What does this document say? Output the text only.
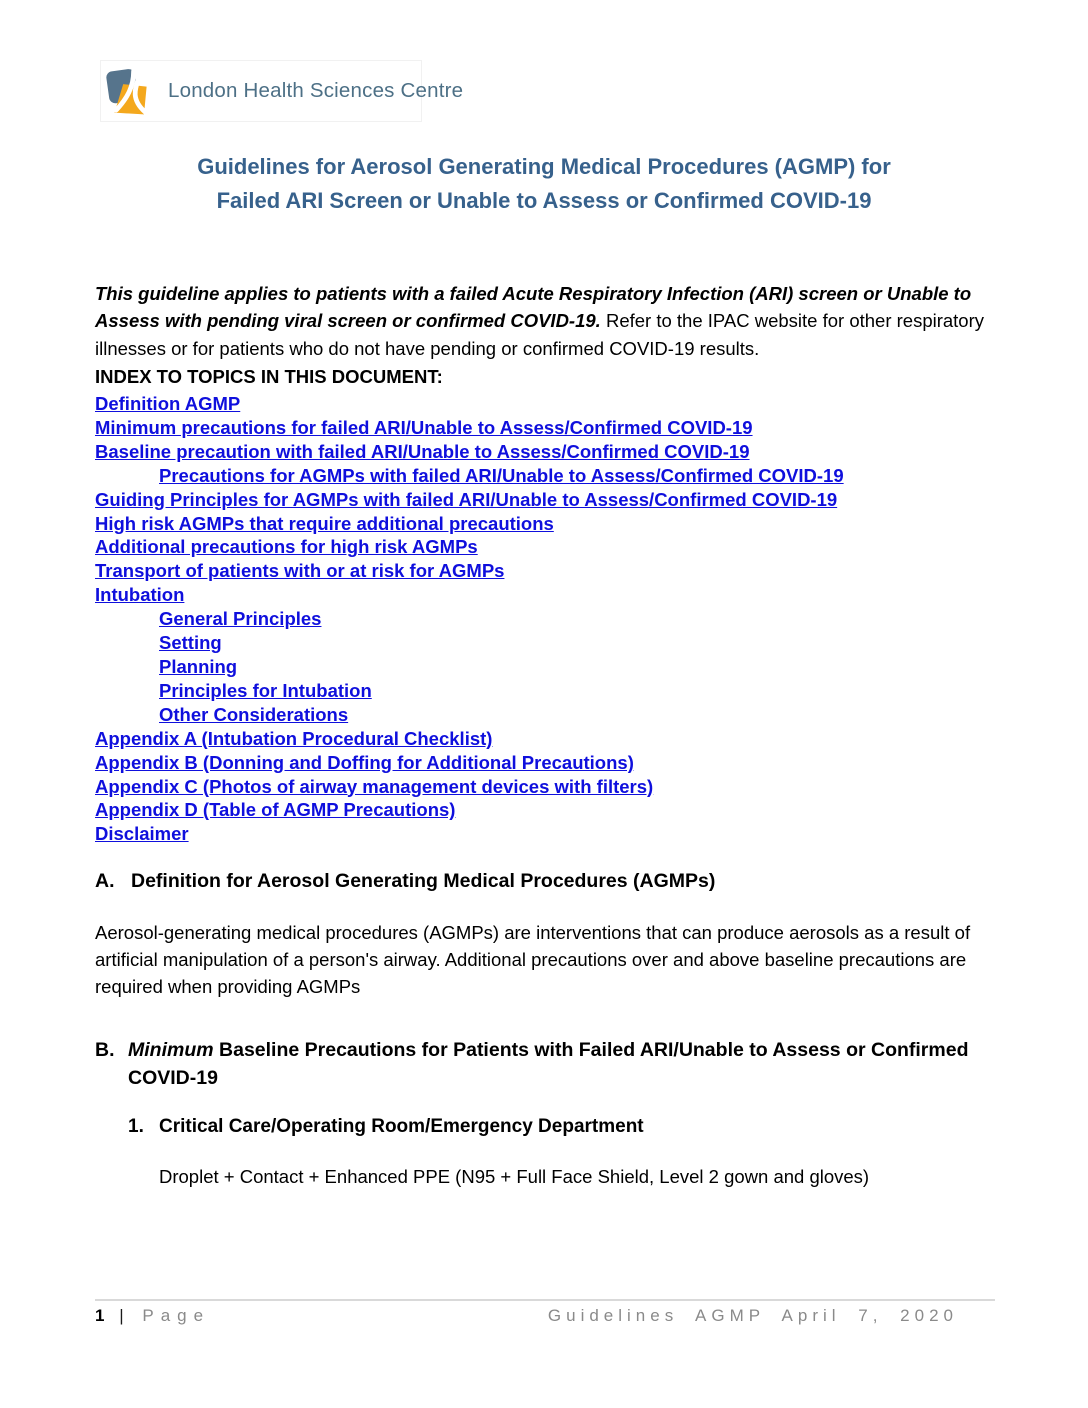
London Health Sciences Centre
Guidelines for Aerosol Generating Medical Procedures (AGMP) for
Failed ARI Screen or Unable to Assess or Confirmed COVID-19

This guideline applies to patients with a failed Acute Respiratory Infection (ARI) screen or Unable to Assess with pending viral screen or confirmed COVID-19. Refer to the IPAC website for other respiratory illnesses or for patients who do not have pending or confirmed COVID-19 results.

INDEX TO TOPICS IN THIS DOCUMENT:
Definition AGMP
Minimum precautions for failed ARI/Unable to Assess/Confirmed COVID-19
Baseline precaution with failed ARI/Unable to Assess/Confirmed COVID-19
Precautions for AGMPs with failed ARI/Unable to Assess/Confirmed COVID-19
Guiding Principles for AGMPs with failed ARI/Unable to Assess/Confirmed COVID-19
High risk AGMPs that require additional precautions
Additional precautions for high risk AGMPs
Transport of patients with or at risk for AGMPs
Intubation
General Principles
Setting
Planning
Principles for Intubation
Other Considerations
Appendix A (Intubation Procedural Checklist)
Appendix B (Donning and Doffing for Additional Precautions)
Appendix C (Photos of airway management devices with filters)
Appendix D (Table of AGMP Precautions)
Disclaimer
A. Definition for Aerosol Generating Medical Procedures (AGMPs)

Aerosol-generating medical procedures (AGMPs) are interventions that can produce aerosols as a result of artificial manipulation of a person's airway. Additional precautions over and above baseline precautions are required when providing AGMPs

B. Minimum Baseline Precautions for Patients with Failed ARI/Unable to Assess or Confirmed COVID-19
1. Critical Care/Operating Room/Emergency Department
Droplet + Contact + Enhanced PPE (N95 + Full Face Shield, Level 2 gown and gloves)
1 | Page	Guidelines AGMP April 7, 2020
